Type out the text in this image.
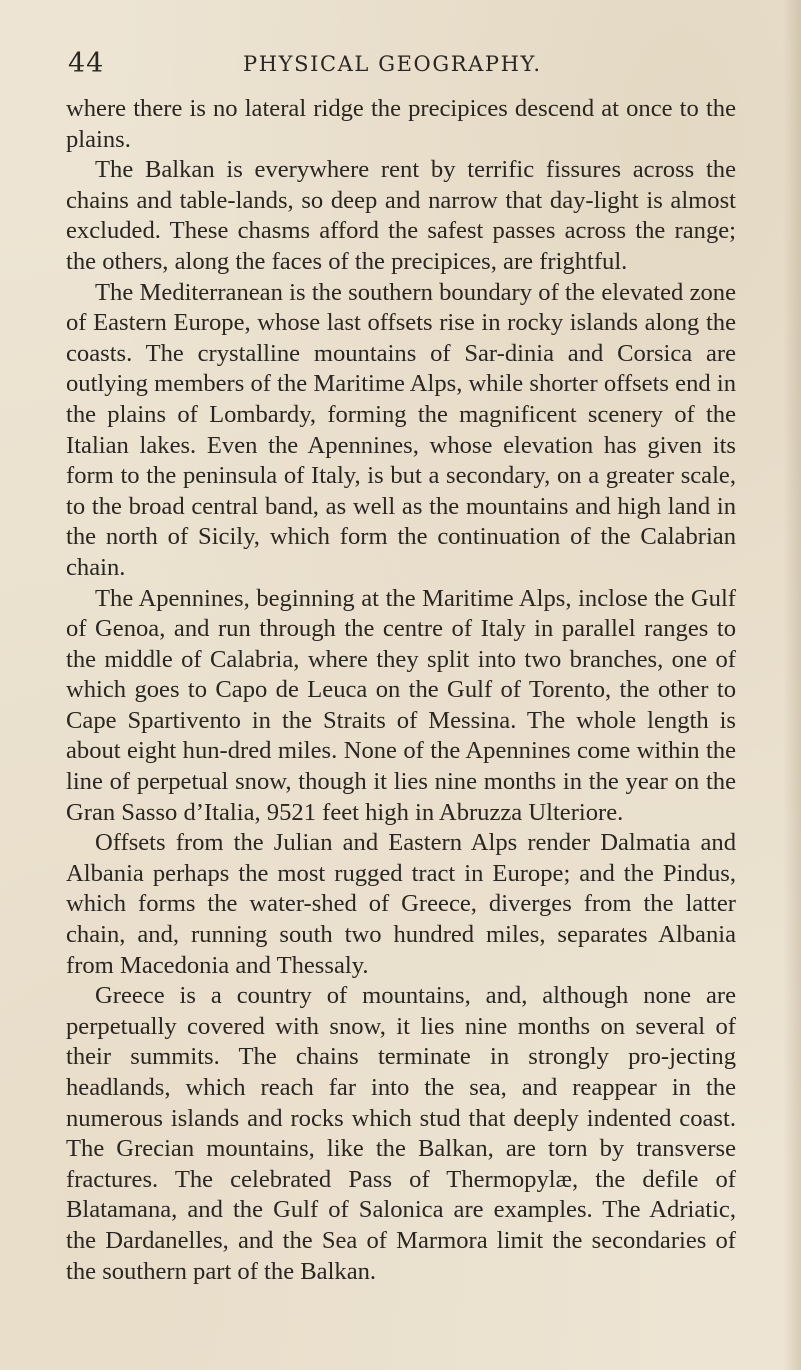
44	PHYSICAL GEOGRAPHY.

where there is no lateral ridge the precipices descend at once to the plains.

The Balkan is everywhere rent by terrific fissures across the chains and table-lands, so deep and narrow that day-light is almost excluded. These chasms afford the safest passes across the range; the others, along the faces of the precipices, are frightful.

The Mediterranean is the southern boundary of the elevated zone of Eastern Europe, whose last offsets rise in rocky islands along the coasts. The crystalline mountains of Sar-dinia and Corsica are outlying members of the Maritime Alps, while shorter offsets end in the plains of Lombardy, forming the magnificent scenery of the Italian lakes. Even the Apennines, whose elevation has given its form to the peninsula of Italy, is but a secondary, on a greater scale, to the broad central band, as well as the mountains and high land in the north of Sicily, which form the continuation of the Calabrian chain.

The Apennines, beginning at the Maritime Alps, inclose the Gulf of Genoa, and run through the centre of Italy in parallel ranges to the middle of Calabria, where they split into two branches, one of which goes to Capo de Leuca on the Gulf of Torento, the other to Cape Spartivento in the Straits of Messina. The whole length is about eight hun-dred miles. None of the Apennines come within the line of perpetual snow, though it lies nine months in the year on the Gran Sasso d’Italia, 9521 feet high in Abruzza Ulteriore.

Offsets from the Julian and Eastern Alps render Dalmatia and Albania perhaps the most rugged tract in Europe; and the Pindus, which forms the water-shed of Greece, diverges from the latter chain, and, running south two hundred miles, separates Albania from Macedonia and Thessaly.

Greece is a country of mountains, and, although none are perpetually covered with snow, it lies nine months on several of their summits. The chains terminate in strongly pro-jecting headlands, which reach far into the sea, and reappear in the numerous islands and rocks which stud that deeply indented coast. The Grecian mountains, like the Balkan, are torn by transverse fractures. The celebrated Pass of Thermopylæ, the defile of Blatamana, and the Gulf of Salonica are examples. The Adriatic, the Dardanelles, and the Sea of Marmora limit the secondaries of the southern part of the Balkan.
